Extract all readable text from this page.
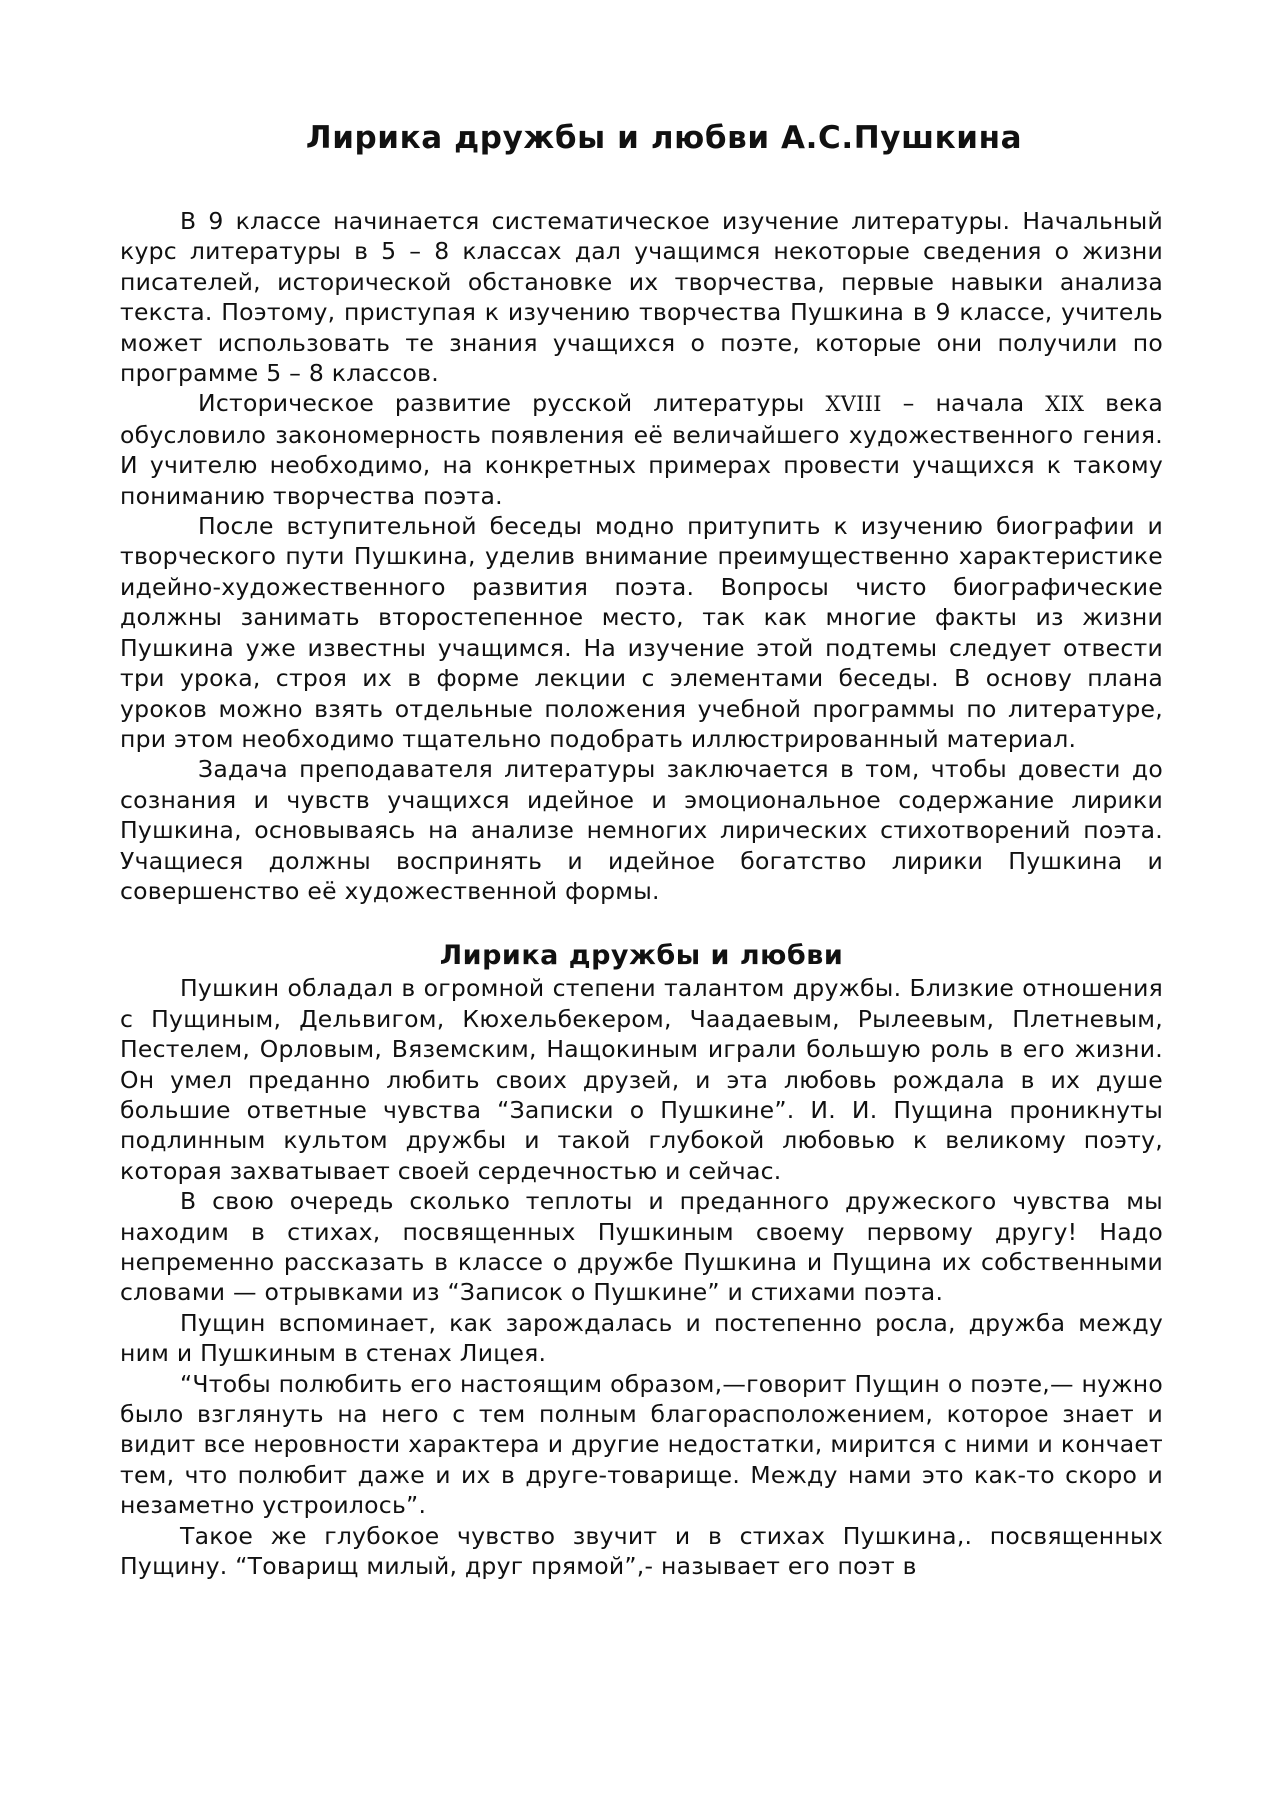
Лирика дружбы и любви А.С.Пушкина

В 9 классе начинается систематическое изучение литературы. Начальный курс литературы в 5 – 8 классах дал учащимся некоторые сведения о жизни писателей, исторической обстановке их творчества, первые навыки анализа текста. Поэтому, приступая к изучению творчества Пушкина в 9 классе, учитель может использовать те знания учащихся о поэте, которые они получили по программе 5 – 8 классов.

Историческое развитие русской литературы XVIII – начала XIX века обусловило закономерность появления её величайшего художественного гения. И учителю необходимо, на конкретных примерах провести учащихся к такому пониманию творчества поэта.

После вступительной беседы модно притупить к изучению биографии и творческого пути Пушкина, уделив внимание преимущественно характеристике идейно-художественного развития поэта. Вопросы чисто биографические должны занимать второстепенное место, так как многие факты из жизни Пушкина уже известны учащимся. На изучение этой подтемы следует отвести три урока, строя их в форме лекции с элементами беседы. В основу плана уроков можно взять отдельные положения учебной программы по литературе, при этом необходимо тщательно подобрать иллюстрированный материал.

Задача преподавателя литературы заключается в том, чтобы довести до сознания и чувств учащихся идейное и эмоциональное содержание лирики Пушкина, основываясь на анализе немногих лирических стихотворений поэта. Учащиеся должны воспринять и идейное богатство лирики Пушкина и совершенство её художественной формы.

Лирика дружбы и любви

Пушкин обладал в огромной степени талантом дружбы. Близкие отношения с Пущиным, Дельвигом, Кюхельбекером, Чаадаевым, Рылеевым, Плетневым, Пестелем, Орловым, Вяземским, Нащокиным играли большую роль в его жизни. Он умел преданно любить своих друзей, и эта любовь рождала в их душе большие ответные чувства “Записки о Пушкине”. И. И. Пущина проникнуты подлинным культом дружбы и такой глубокой любовью к великому поэту, которая захватывает своей сердечностью и сейчас.

В свою очередь сколько теплоты и преданного дружеского чувства мы находим в стихах, посвященных Пушкиным своему первому другу! Надо непременно рассказать в классе о дружбе Пушкина и Пущина их собственными словами — отрывками из “Записок о Пушкине” и стихами поэта.

Пущин вспоминает, как зарождалась и постепенно росла, дружба между ним и Пушкиным в стенах Лицея.

“Чтобы полюбить его настоящим образом,—говорит Пущин о поэте,— нужно было взглянуть на него с тем полным благорасположением, которое знает и видит все неровности характера и другие недостатки, мирится с ними и кончает тем, что полюбит даже и их в друге-товарище. Между нами это как-то скоро и незаметно устроилось”.

Такое же глубокое чувство звучит и в стихах Пушкина,. посвященных Пущину. “Товарищ милый, друг прямой”,- называет его поэт в
